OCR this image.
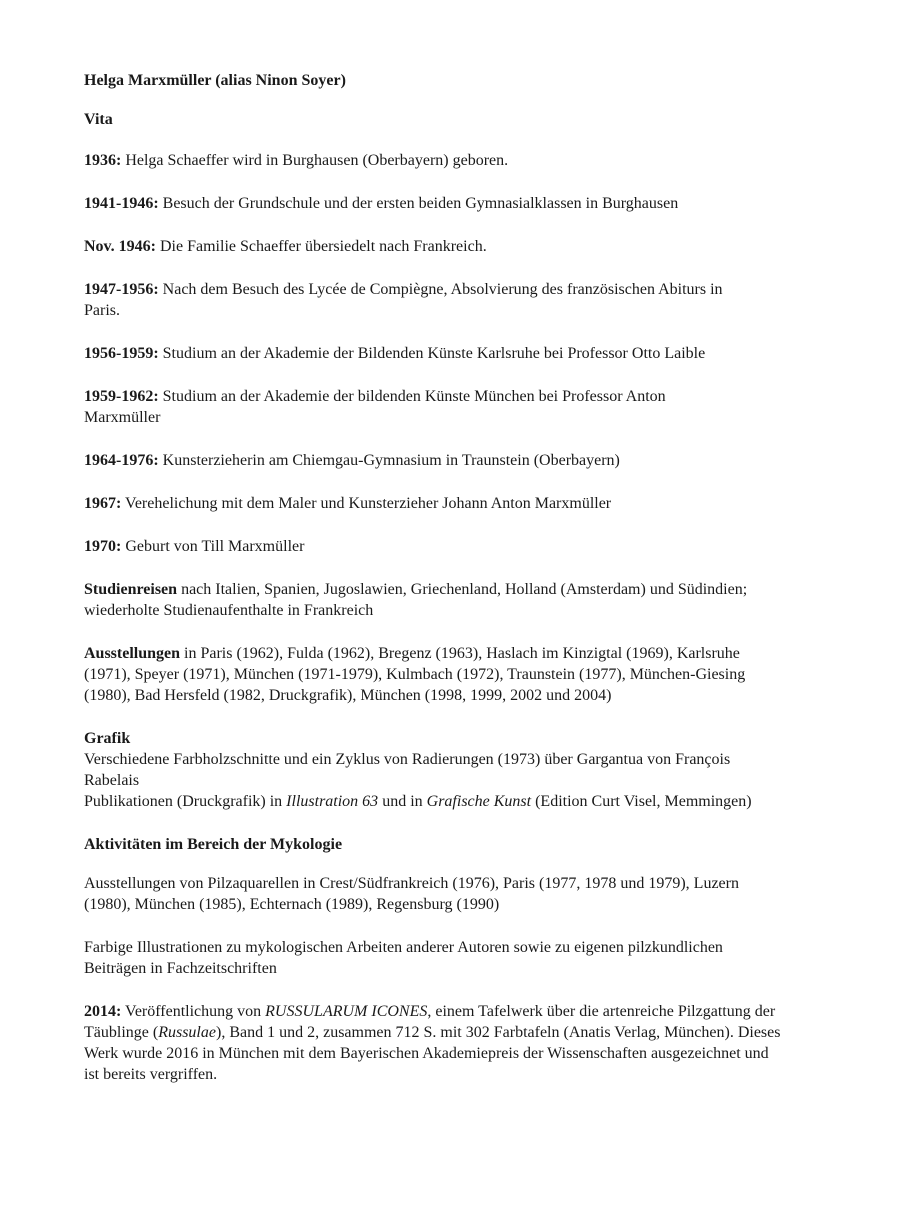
Helga Marxmüller (alias Ninon Soyer)

Vita

1936: Helga Schaeffer wird in Burghausen (Oberbayern) geboren.

1941-1946: Besuch der Grundschule und der ersten beiden Gymnasialklassen in Burghausen

Nov. 1946: Die Familie Schaeffer übersiedelt nach Frankreich.

1947-1956: Nach dem Besuch des Lycée de Compiègne, Absolvierung des französischen Abiturs in Paris.

1956-1959: Studium an der Akademie der Bildenden Künste Karlsruhe bei Professor Otto Laible

1959-1962: Studium an der Akademie der bildenden Künste München bei Professor Anton Marxmüller

1964-1976: Kunsterzieherin am Chiemgau-Gymnasium in Traunstein (Oberbayern)

1967: Verehelichung mit dem Maler und Kunsterzieher Johann Anton Marxmüller

1970: Geburt von Till Marxmüller

Studienreisen nach Italien, Spanien, Jugoslawien, Griechenland, Holland (Amsterdam) und Südindien; wiederholte Studienaufenthalte in Frankreich

Ausstellungen in Paris (1962), Fulda (1962), Bregenz (1963), Haslach im Kinzigtal (1969), Karlsruhe (1971), Speyer (1971), München (1971-1979), Kulmbach (1972), Traunstein (1977), München-Giesing (1980), Bad Hersfeld (1982, Druckgrafik), München (1998, 1999, 2002 und 2004)

Grafik

Verschiedene Farbholzschnitte und ein Zyklus von Radierungen (1973) über Gargantua von François Rabelais

Publikationen (Druckgrafik) in Illustration 63 und in Grafische Kunst (Edition Curt Visel, Memmingen)

Aktivitäten im Bereich der Mykologie

Ausstellungen von Pilzaquarellen in Crest/Südfrankreich (1976), Paris (1977, 1978 und 1979), Luzern (1980), München (1985), Echternach (1989), Regensburg (1990)

Farbige Illustrationen zu mykologischen Arbeiten anderer Autoren sowie zu eigenen pilzkundlichen Beiträgen in Fachzeitschriften

2014: Veröffentlichung von RUSSULARUM ICONES, einem Tafelwerk über die artenreiche Pilzgattung der Täublinge (Russulae), Band 1 und 2, zusammen 712 S. mit 302 Farbtafeln (Anatis Verlag, München). Dieses Werk wurde 2016 in München mit dem Bayerischen Akademiepreis der Wissenschaften ausgezeichnet und ist bereits vergriffen.
